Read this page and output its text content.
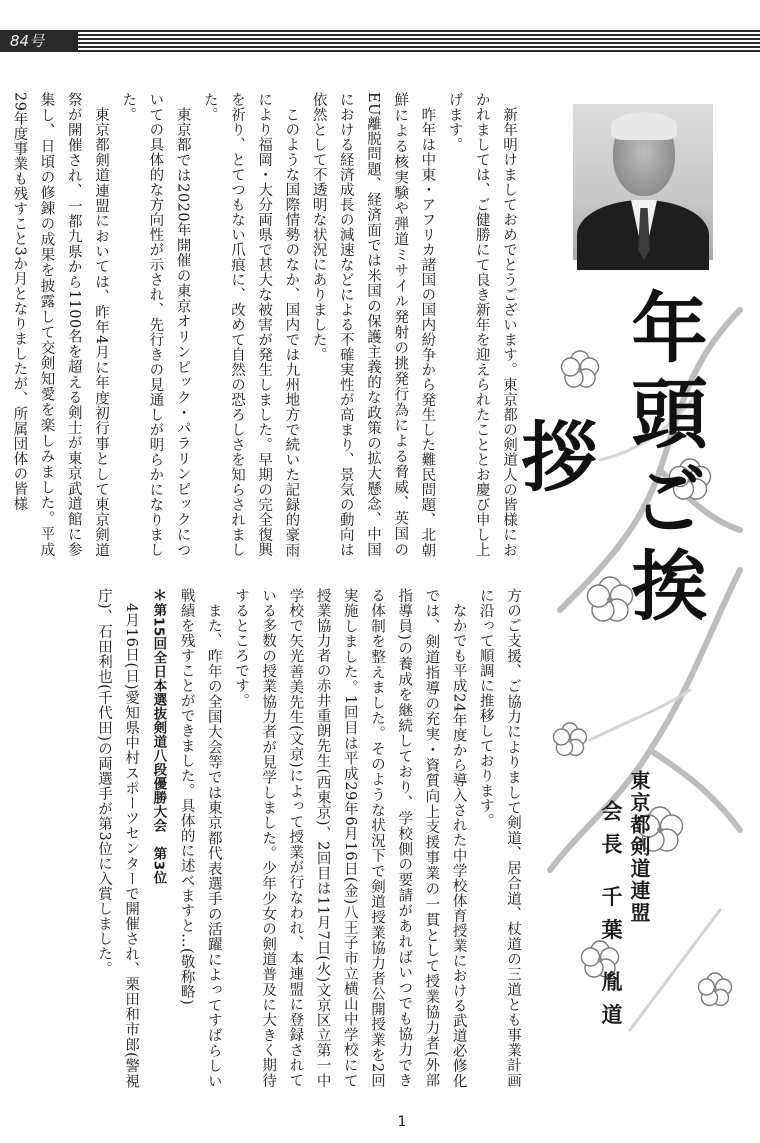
84号

新年明けましておめでとうございます。東京都の剣道人の皆様におかれましては、ご健勝にて良き新年を迎えられたこととお慶び申し上げます。

昨年は中東・アフリカ諸国の国内紛争から発生した難民問題、北朝鮮による核実験や弾道ミサイル発射の挑発行為による脅威、英国のEU離脱問題、経済面では米国の保護主義的な政策の拡大懸念、中国における経済成長の減速などによる不確実性が高まり、景気の動向は依然として不透明な状況にありました。

このような国際情勢のなか、国内では九州地方で続いた記録的豪雨により福岡・大分両県で甚大な被害が発生しました。早期の完全復興を祈り、とてつもない爪痕に、改めて自然の恐ろしさを知らされました。

東京都では2020年開催の東京オリンピック・パラリンピックについての具体的な方向性が示され、先行きの見通しが明らかになりました。

東京都剣道連盟においては、昨年4月に年度初行事として東京剣道祭が開催され、一都九県から1100名を超える剣士が東京武道館に参集し、日頃の修錬の成果を披露して交剣知愛を楽しみました。平成29年度事業も残すこと3か月となりましたが、所属団体の皆様

方のご支援、ご協力によりまして剣道、居合道、杖道の三道とも事業計画に沿って順調に推移しております。

なかでも平成24年度から導入された中学校体育授業における武道必修化では、剣道指導の充実・資質向上支援事業の一貫として授業協力者(外部指導員)の養成を継続しており、学校側の要請があればいつでも協力できる体制を整えました。そのような状況下で剣道授業協力者公開授業を2回実施しました。1回目は平成29年6月16日(金)八王子市立横山中学校にて授業協力者の赤井重朗先生(西東京)、2回目は11月7日(火)文京区立第一中学校で矢光善美先生(文京)によって授業が行なわれ、本連盟に登録されている多数の授業協力者が見学しました。少年少女の剣道普及に大きく期待するところです。

また、昨年の全国大会等では東京都代表選手の活躍によってすばらしい戦績を残すことができました。具体的に述べますと…(敬称略)

＊第15回全日本選抜剣道八段優勝大会　第3位

4月16日(日)愛知県中村スポーツセンターで開催され、栗田和市郎(警視庁)、石田利也(千代田)の両選手が第3位に入賞しました。

年頭ご挨拶
東京都剣道連盟
会長 千葉 胤道
1
